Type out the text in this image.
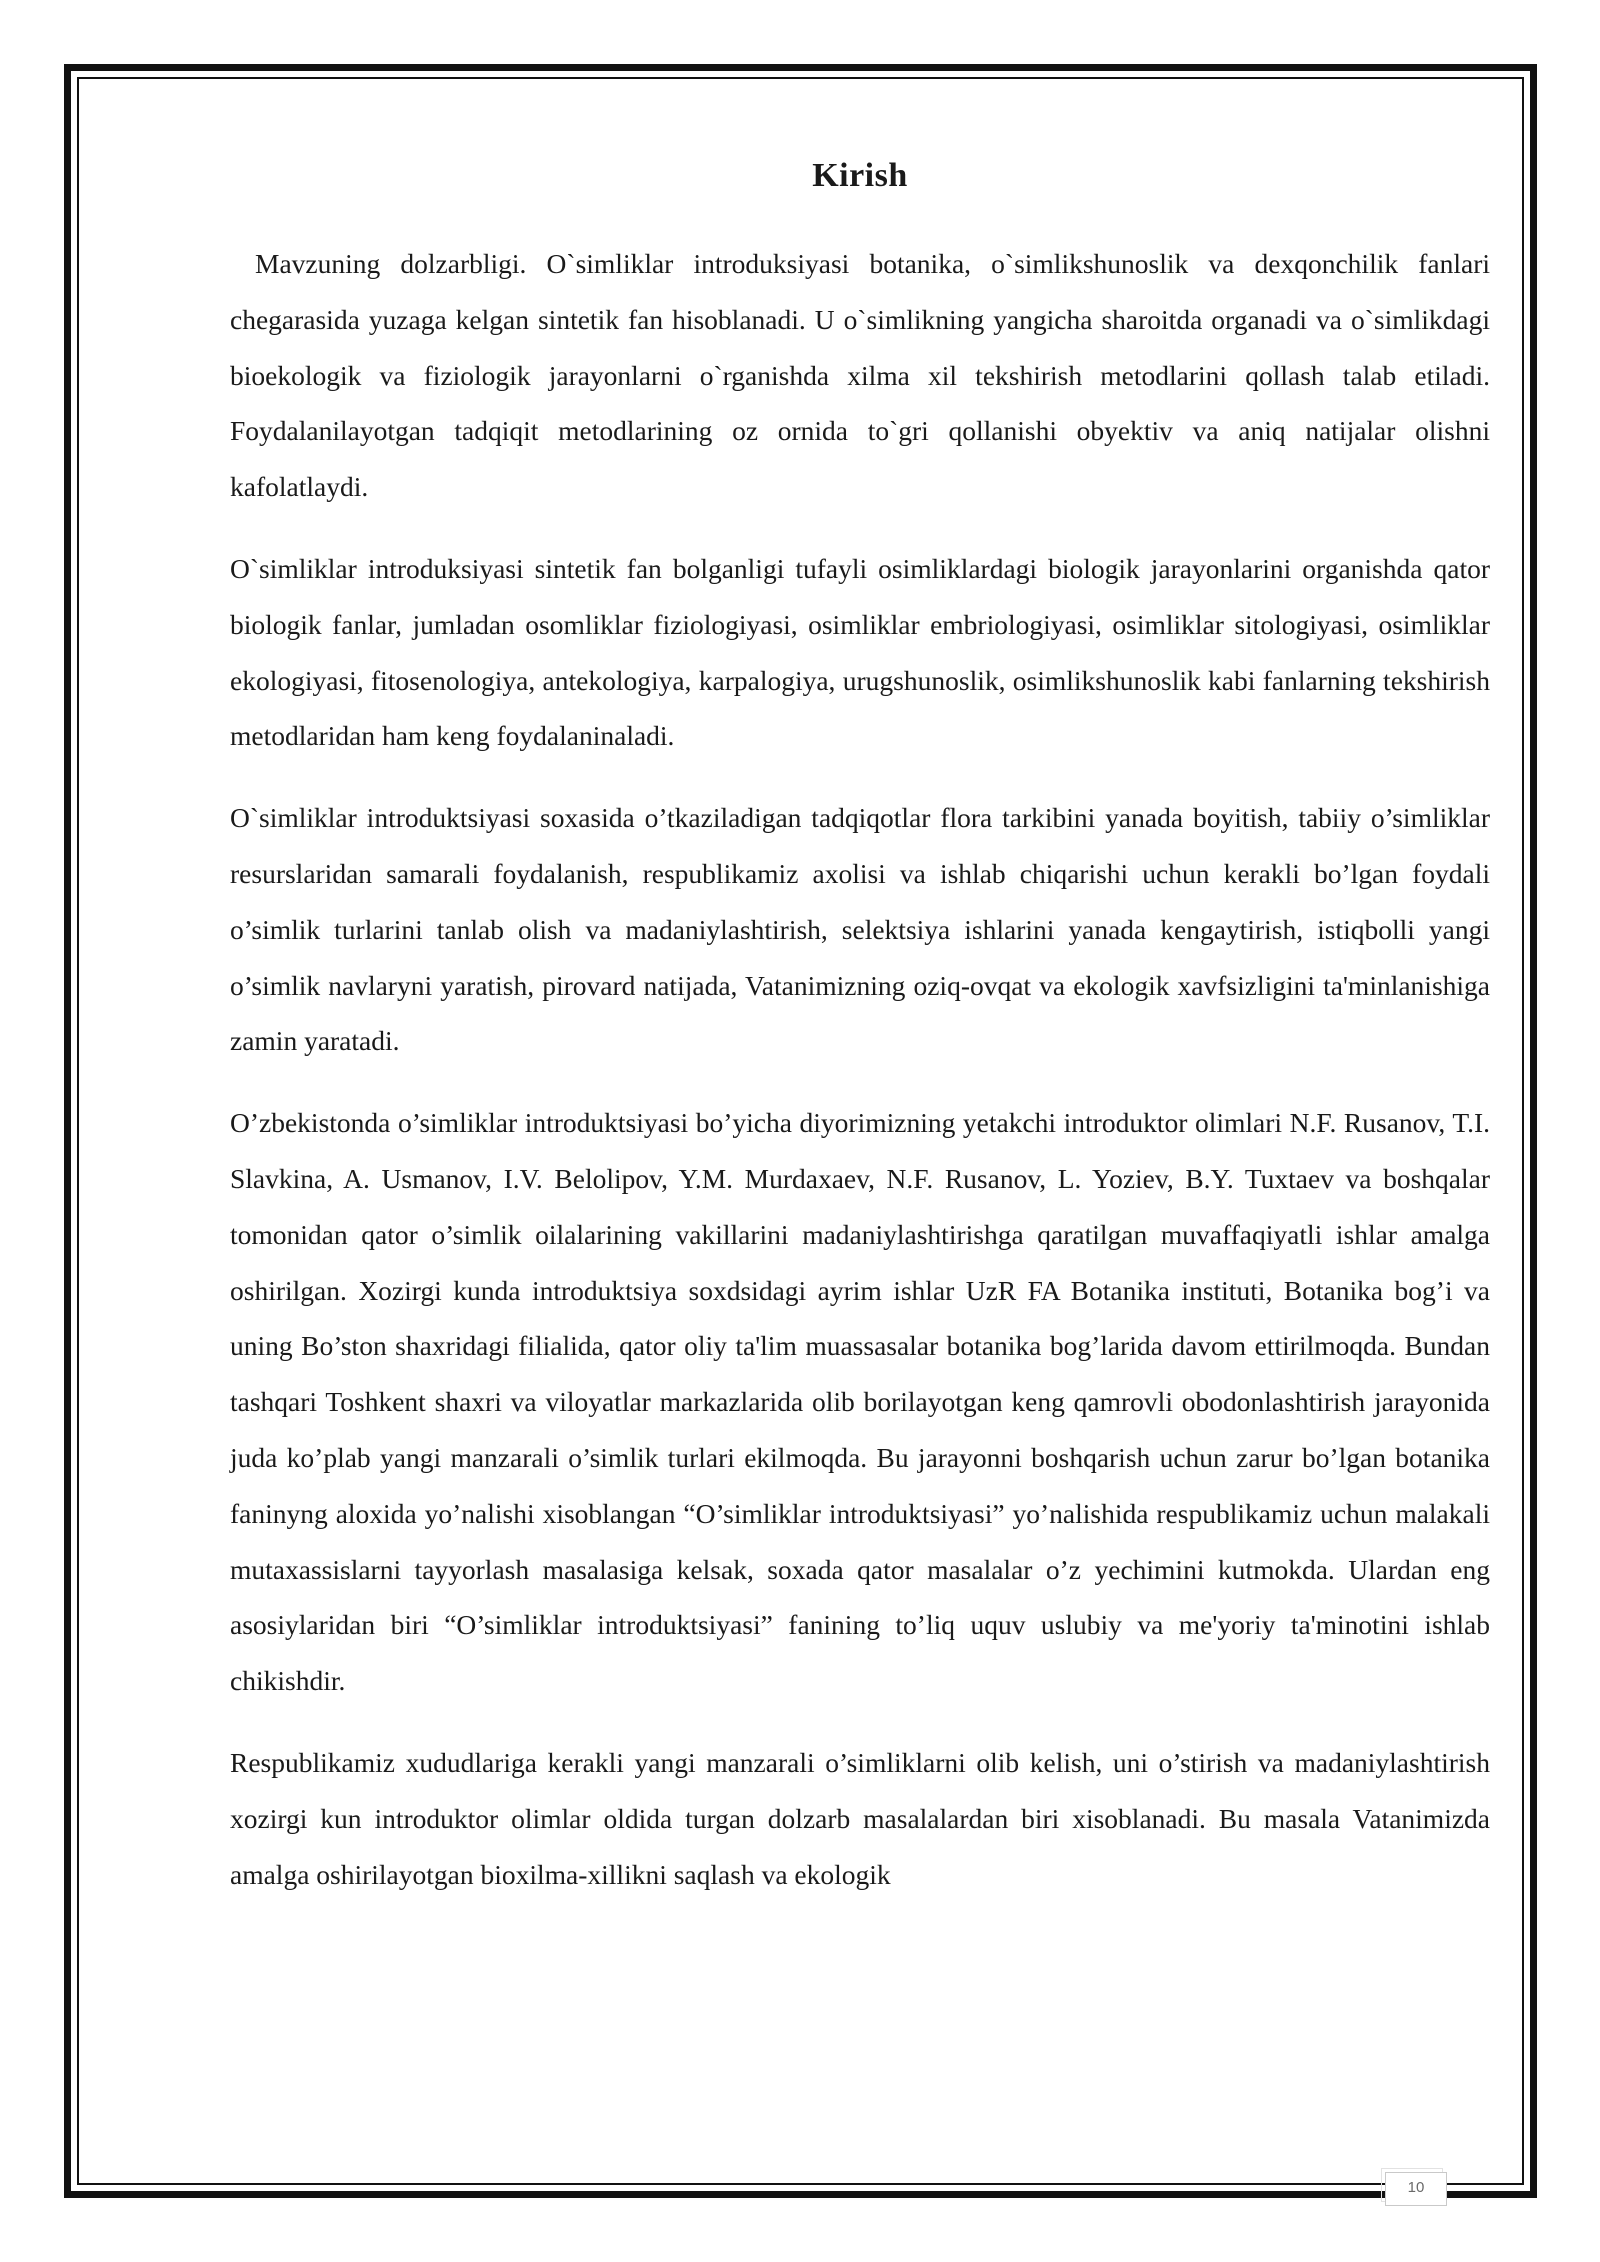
Kirish

Mavzuning dolzarbligi. O`simliklar introduksiyasi botanika, o`simlikshunoslik va dexqonchilik fanlari chegarasida yuzaga kelgan sintetik fan hisoblanadi. U o`simlikning yangicha sharoitda organadi va o`simlikdagi bioekologik va fiziologik jarayonlarni o`rganishda xilma xil tekshirish metodlarini qollash talab etiladi. Foydalanilayotgan tadqiqit metodlarining oz ornida to`gri qollanishi obyektiv va aniq natijalar olishni kafolatlaydi.

O`simliklar introduksiyasi sintetik fan bolganligi tufayli osimliklardagi biologik jarayonlarini organishda qator biologik fanlar, jumladan osomliklar fiziologiyasi, osimliklar embriologiyasi, osimliklar sitologiyasi, osimliklar ekologiyasi, fitosenologiya, antekologiya, karpalogiya, urugshunoslik, osimlikshunoslik kabi fanlarning tekshirish metodlaridan ham keng foydalaninaladi.

O`simliklar introduktsiyasi soxasida o’tkaziladigan tadqiqotlar flora tarkibini yanada boyitish, tabiiy o’simliklar resurslaridan samarali foydalanish, respublikamiz axolisi va ishlab chiqarishi uchun kerakli bo’lgan foydali o’simlik turlarini tanlab olish va madaniylashtirish, selektsiya ishlarini yanada kengaytirish, istiqbolli yangi o’simlik navlaryni yaratish, pirovard natijada, Vatanimizning oziq-ovqat va ekologik xavfsizligini ta'minlanishiga zamin yaratadi.

O’zbekistonda o’simliklar introduktsiyasi bo’yicha diyorimizning yetakchi introduktor olimlari N.F. Rusanov, T.I. Slavkina, A. Usmanov, I.V. Belolipov, Y.M. Murdaxaev, N.F. Rusanov, L. Yoziev, B.Y. Tuxtaev va boshqalar tomonidan qator o’simlik oilalarining vakillarini madaniylashtirishga qaratilgan muvaffaqiyatli ishlar amalga oshirilgan. Xozirgi kunda introduktsiya soxdsidagi ayrim ishlar UzR FA Botanika instituti, Botanika bog’i va uning Bo’ston shaxridagi filialida, qator oliy ta'lim muassasalar botanika bog’larida davom ettirilmoqda. Bundan tashqari Toshkent shaxri va viloyatlar markazlarida olib borilayotgan keng qamrovli obodonlashtirish jarayonida juda ko’plab yangi manzarali o’simlik turlari ekilmoqda. Bu jarayonni boshqarish uchun zarur bo’lgan botanika faninyng aloxida yo’nalishi xisoblangan “O’simliklar introduktsiyasi” yo’nalishida respublikamiz uchun malakali mutaxassislarni tayyorlash masalasiga kelsak, soxada qator masalalar o’z yechimini kutmokda. Ulardan eng asosiylaridan biri “O’simliklar introduktsiyasi” fanining to’liq uquv uslubiy va me'yoriy ta'minotini ishlab chikishdir.

Respublikamiz xududlariga kerakli yangi manzarali o’simliklarni olib kelish, uni o’stirish va madaniylashtirish xozirgi kun introduktor olimlar oldida turgan dolzarb masalalardan biri xisoblanadi. Bu masala Vatanimizda amalga oshirilayotgan bioxilma-xillikni saqlash va ekologik

10
